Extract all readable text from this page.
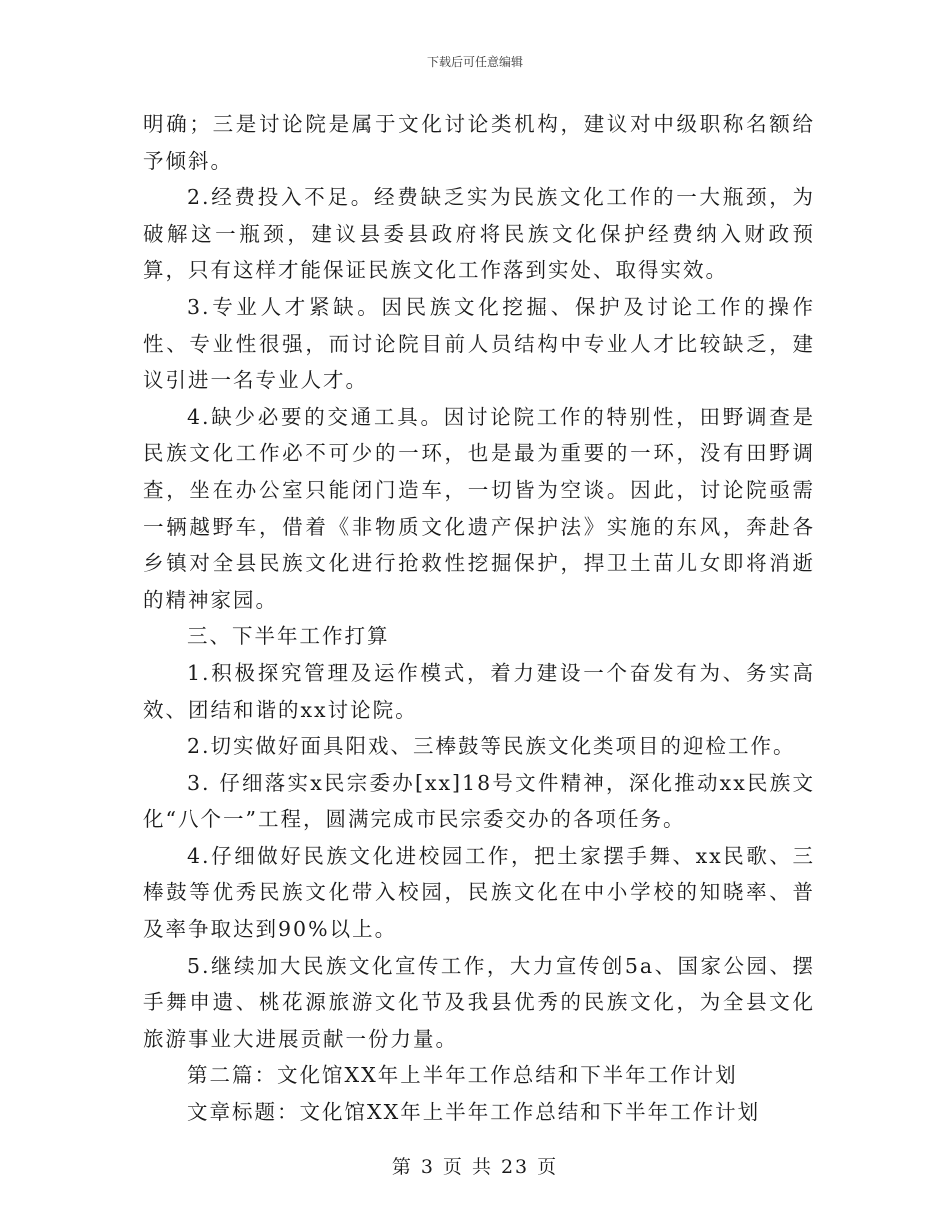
下载后可任意编辑

明确；三是讨论院是属于文化讨论类机构，建议对中级职称名额给予倾斜。

2.经费投入不足。经费缺乏实为民族文化工作的一大瓶颈，为破解这一瓶颈，建议县委县政府将民族文化保护经费纳入财政预算，只有这样才能保证民族文化工作落到实处、取得实效。

3.专业人才紧缺。因民族文化挖掘、保护及讨论工作的操作性、专业性很强，而讨论院目前人员结构中专业人才比较缺乏，建议引进一名专业人才。

4.缺少必要的交通工具。因讨论院工作的特别性，田野调查是民族文化工作必不可少的一环，也是最为重要的一环，没有田野调查，坐在办公室只能闭门造车，一切皆为空谈。因此，讨论院亟需一辆越野车，借着《非物质文化遗产保护法》实施的东风，奔赴各乡镇对全县民族文化进行抢救性挖掘保护，捍卫土苗儿女即将消逝的精神家园。

三、下半年工作打算

1.积极探究管理及运作模式，着力建设一个奋发有为、务实高效、团结和谐的xx讨论院。

2.切实做好面具阳戏、三棒鼓等民族文化类项目的迎检工作。

3. 仔细落实x民宗委办[xx]18号文件精神，深化推动xx民族文化“八个一”工程，圆满完成市民宗委交办的各项任务。

4.仔细做好民族文化进校园工作，把土家摆手舞、xx民歌、三棒鼓等优秀民族文化带入校园，民族文化在中小学校的知晓率、普及率争取达到90%以上。

5.继续加大民族文化宣传工作，大力宣传创5a、国家公园、摆手舞申遗、桃花源旅游文化节及我县优秀的民族文化，为全县文化旅游事业大进展贡献一份力量。

第二篇：文化馆XX年上半年工作总结和下半年工作计划

文章标题：文化馆XX年上半年工作总结和下半年工作计划

第 3 页 共 23 页
